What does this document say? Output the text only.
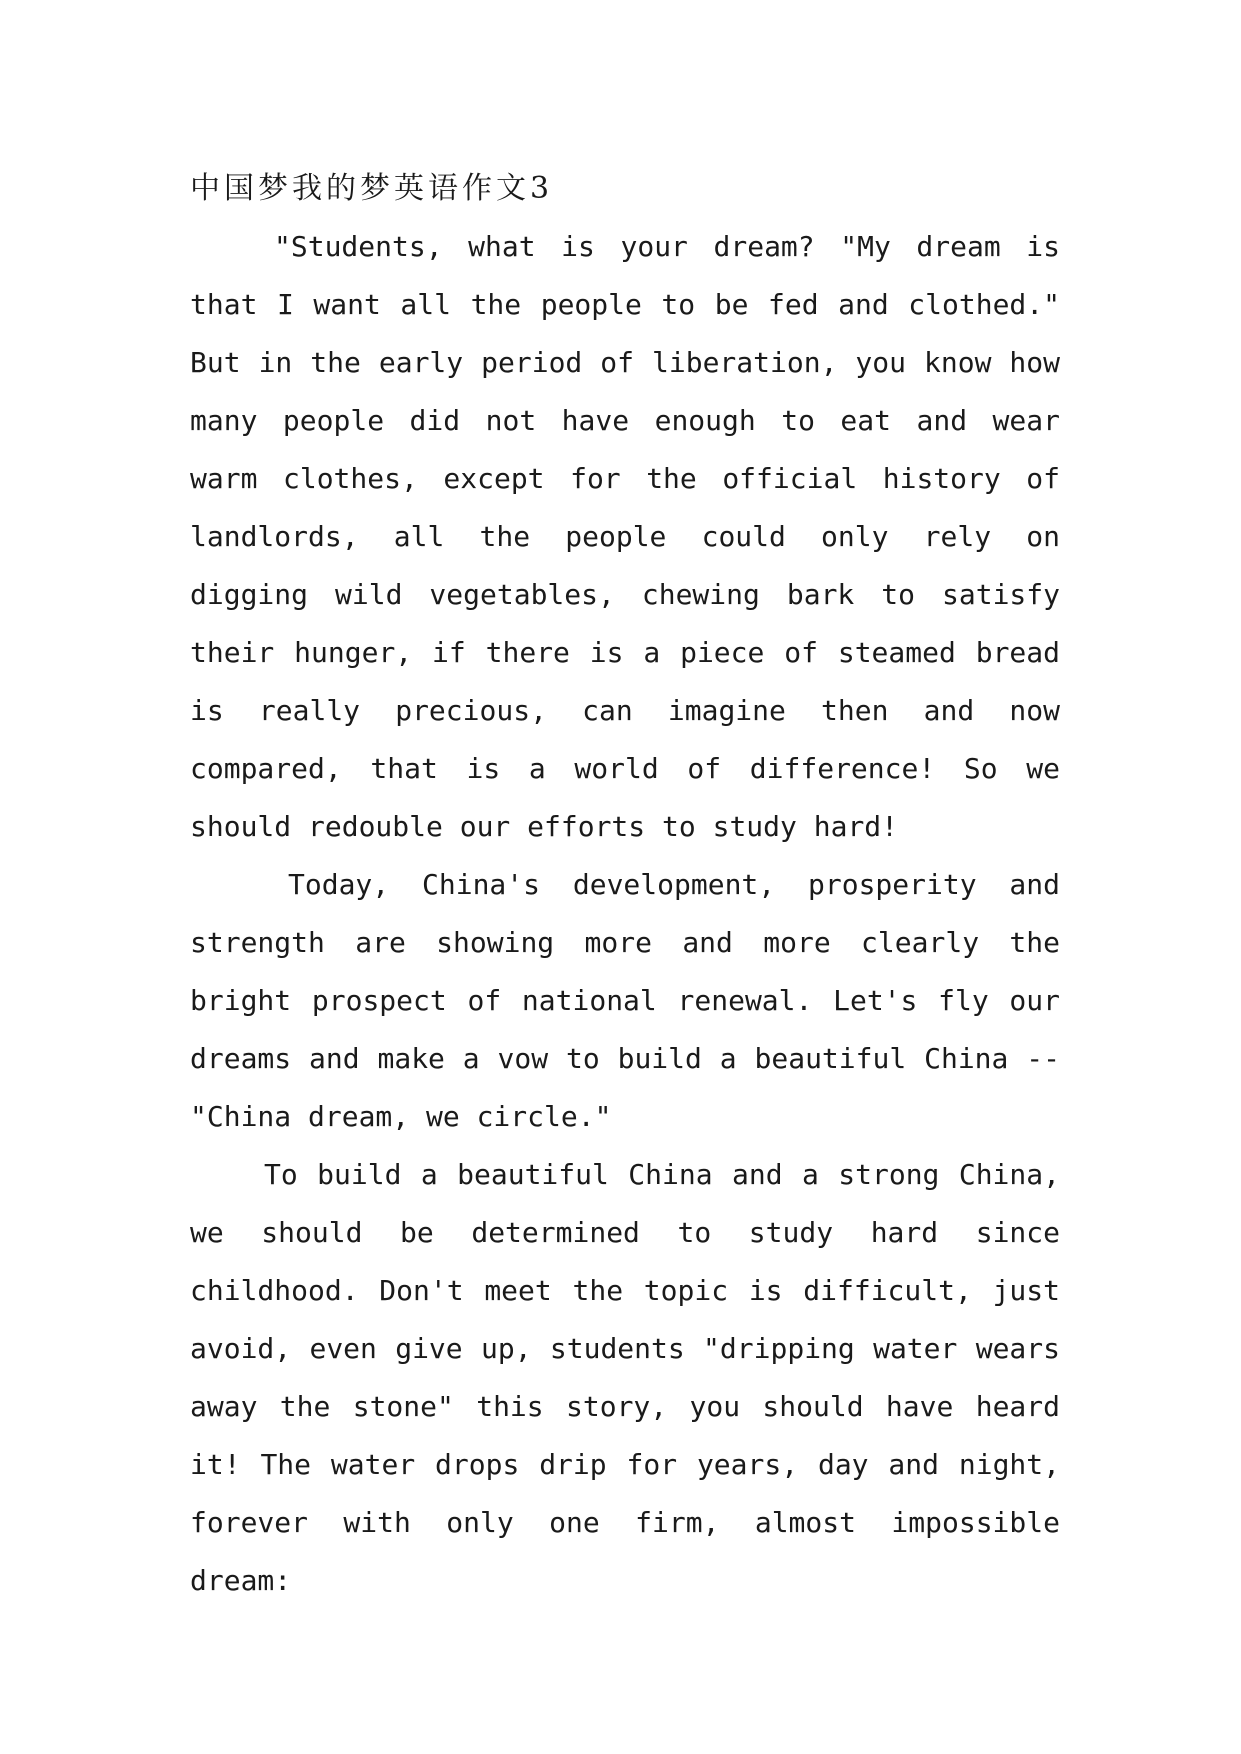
中国梦我的梦英语作文3

"Students, what is your dream? "My dream is that I want all the people to be fed and clothed." But in the early period of liberation, you know how many people did not have enough to eat and wear warm clothes, except for the official history of landlords, all the people could only rely on digging wild vegetables, chewing bark to satisfy their hunger, if there is a piece of steamed bread is really precious, can imagine then and now compared, that is a world of difference! So we should redouble our efforts to study hard!

Today, China's development, prosperity and strength are showing more and more clearly the bright prospect of national renewal. Let's fly our dreams and make a vow to build a beautiful China -- "China dream, we circle."

To build a beautiful China and a strong China, we should be determined to study hard since childhood. Don't meet the topic is difficult, just avoid, even give up, students "dripping water wears away the stone" this story, you should have heard it! The water drops drip for years, day and night, forever with only one firm, almost impossible dream:
